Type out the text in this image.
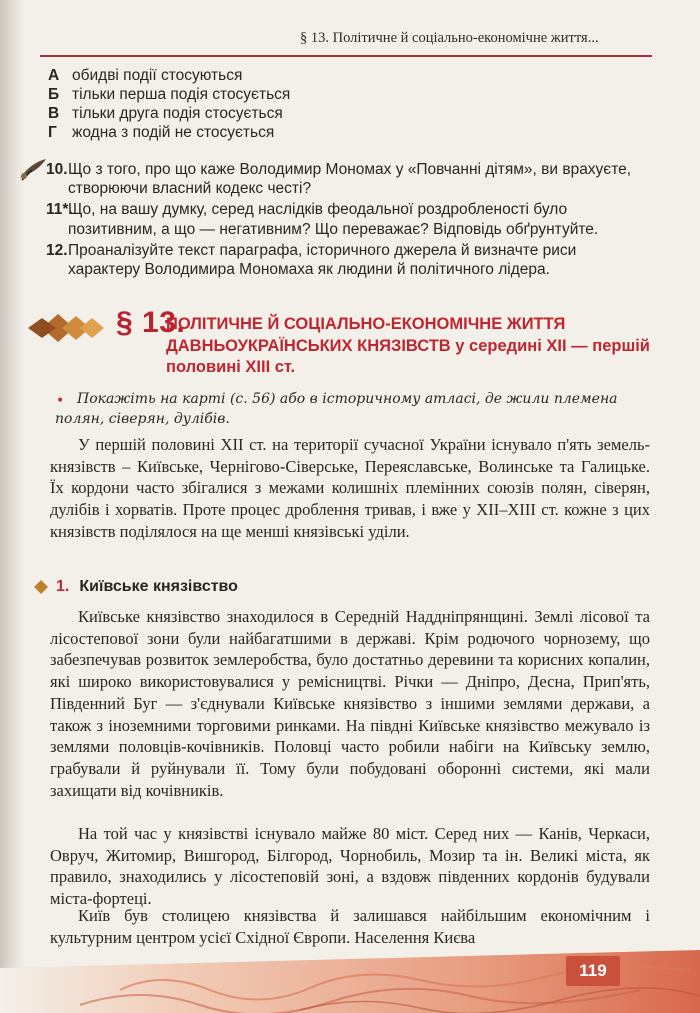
§ 13. Політичне й соціально-економічне життя...
А обидві події стосуються
Б тільки перша подія стосується
В тільки друга подія стосується
Г жодна з подій не стосується
10. Що з того, про що каже Володимир Мономах у «Повчанні дітям», ви врахуєте, створюючи власний кодекс честі?
11*.
Що, на вашу думку, серед наслідків феодальної роздробленості було позитивним, а що — негативним? Що переважає? Відповідь обґрунтуйте.
12. Проаналізуйте текст параграфа, історичного джерела й визначте риси характеру Володимира Мономаха як людини й політичного лідера.
§ 13.
ПОЛІТИЧНЕ Й СОЦІАЛЬНО-ЕКОНОМІЧНЕ ЖИТТЯ ДАВНЬОУКРАЇНСЬКИХ КНЯЗІВСТВ у середині XII — першій половині XIII ст.
• Покажіть на карті (с. 56) або в історичному атласі, де жили племена полян, сіверян, дулібів.
У першій половині XII ст. на території сучасної України існувало п'ять земель-князівств – Київське, Чернігово-Сіверське, Переяславське, Волинське та Галицьке. Їх кордони часто збігалися з межами колишніх племінних союзів полян, сіверян, дулібів і хорватів. Проте процес дроблення тривав, і вже у XII–XIII ст. кожне з цих князівств поділялося на ще менші князівські уділи.
1. Київське князівство
Київське князівство знаходилося в Середній Наддніпрянщині. Землі лісової та лісостепової зони були найбагатшими в державі. Крім родючого чорнозему, що забезпечував розвиток землеробства, було достатньо деревини та корисних копалин, які широко використовувалися у ремісництві. Річки — Дніпро, Десна, Прип'ять, Південний Буг — з'єднували Київське князівство з іншими землями держави, а також з іноземними торговими ринками. На півдні Київське князівство межувало із землями половців-кочівників. Половці часто робили набіги на Київську землю, грабували й руйнували її. Тому були побудовані оборонні системи, які мали захищати від кочівників.
На той час у князівстві існувало майже 80 міст. Серед них — Канів, Черкаси, Овруч, Житомир, Вишгород, Білгород, Чорнобиль, Мозир та ін. Великі міста, як правило, знаходились у лісостеповій зоні, а вздовж південних кордонів будували міста-фортеці.
Київ був столицею князівства й залишався найбільшим економічним і культурним центром усієї Східної Європи. Населення Києва
119
